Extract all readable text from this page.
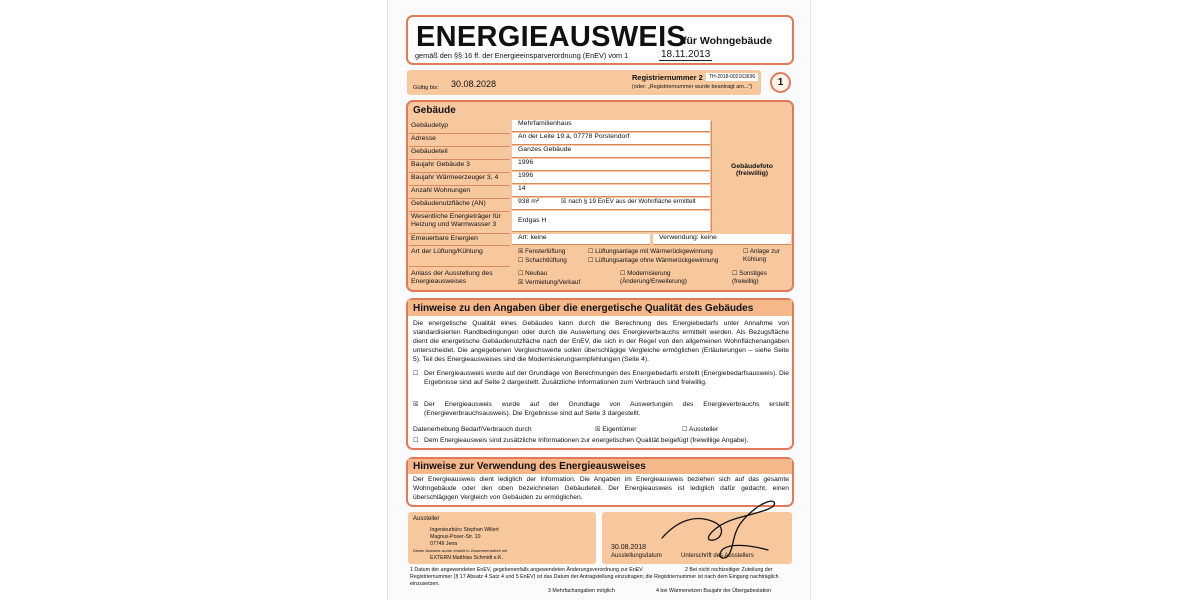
ENERGIEAUSWEIS
für Wohngebäude
gemäß den §§ 16 ff. der Energieeinsparverordnung (EnEV) vom 1	18.11.2013
Gültig bis: 30.08.2028
Registriernummer 2	TH-2018-002163696
(oder: „Registriernummer wurde beantragt am...")	1
Gebäude
Gebäudefoto (freiwillig)
Gebäudetyp	Mehrfamilienhaus
Adresse	An der Leite 19 a, 07778 Porstendorf
Gebäudeteil	Ganzes Gebäude
Baujahr Gebäude 3	1996
Baujahr Wärmeerzeuger 3, 4	1996
Anzahl Wohnungen	14
Gebäudenutzfläche (AN)	938 m²	☒ nach § 19 EnEV aus der Wohnfläche ermittelt
Wesentliche Energieträger für Heizung und Warmwasser 3
Erdgas H
Erneuerbare Energien	Art: keine	Verwendung: keine
Art der Lüftung/Kühlung	☒ Fensterlüftung	☐ Lüftungsanlage mit Wärmerückgewinnung	☐ Anlage zur Kühlung
☐ Schachtlüftung	☐ Lüftungsanlage ohne Wärmerückgewinnung
Anlass der Ausstellung des Energieausweises
☐ Neubau
☒ Vermietung/Verkauf
☐ Modernisierung (Änderung/Erweiterung)
☐ Sonstiges (freiwillig)
Hinweise zu den Angaben über die energetische Qualität des Gebäudes
Die energetische Qualität eines Gebäudes kann durch die Berechnung des Energiebedarfs unter Annahme von standardisierten Randbedingungen oder durch die Auswertung des Energieverbrauchs ermittelt werden. Als Bezugsfläche dient die energetische Gebäudenutzfläche nach der EnEV, die sich in der Regel von den allgemeinen Wohnflächenangaben unterscheidet. Die angegebenen Vergleichswerte sollen überschlägige Vergleiche ermöglichen (Erläuterungen – siehe Seite 5). Teil des Energieausweises sind die Modernisierungsempfehlungen (Seite 4).
☐ Der Energieausweis wurde auf der Grundlage von Berechnungen des Energiebedarfs erstellt (Energiebedarfsausweis). Die Ergebnisse sind auf Seite 2 dargestellt. Zusätzliche Informationen zum Verbrauch sind freiwillig.
☒ Der Energieausweis wurde auf der Grundlage von Auswertungen des Energieverbrauchs erstellt (Energieverbrauchsausweis). Die Ergebnisse sind auf Seite 3 dargestellt.
Datenerhebung Bedarf/Verbrauch durch	☒ Eigentümer	☐ Aussteller
☐ Dem Energieausweis sind zusätzliche Informationen zur energetischen Qualität beigefügt (freiwillige Angabe).
Hinweise zur Verwendung des Energieausweises
Der Energieausweis dient lediglich der Information. Die Angaben im Energieausweis beziehen sich auf das gesamte Wohngebäude oder den oben bezeichneten Gebäudeteil. Der Energieausweis ist lediglich dafür gedacht, einen überschlägigen Vergleich von Gebäuden zu ermöglichen.
Aussteller
Ingenieurbüro Stephan Willert
Magnus-Poser-Str. 10
07749 Jena
Dieser Ausweis wurde erstellt in Zusammenarbeit mit
EXTERN Matthias Schmidt e.K.
30.08.2018
Ausstellungsdatum	Unterschrift des Ausstellers
1 Datum der angewendeten EnEV, gegebenenfalls angewendeten Änderungsverordnung zur EnEV	2 Bei nicht rechtzeitiger Zuteilung der
Registriernummer (§ 17 Absatz 4 Satz 4 und 5 EnEV) ist das Datum der Antragstellung einzutragen; die Registriernummer ist nach dem Eingang nachträglich einzusetzen.
3 Mehrfachangaben möglich	4 bei Wärmenetzen Baujahr der Übergabestation
